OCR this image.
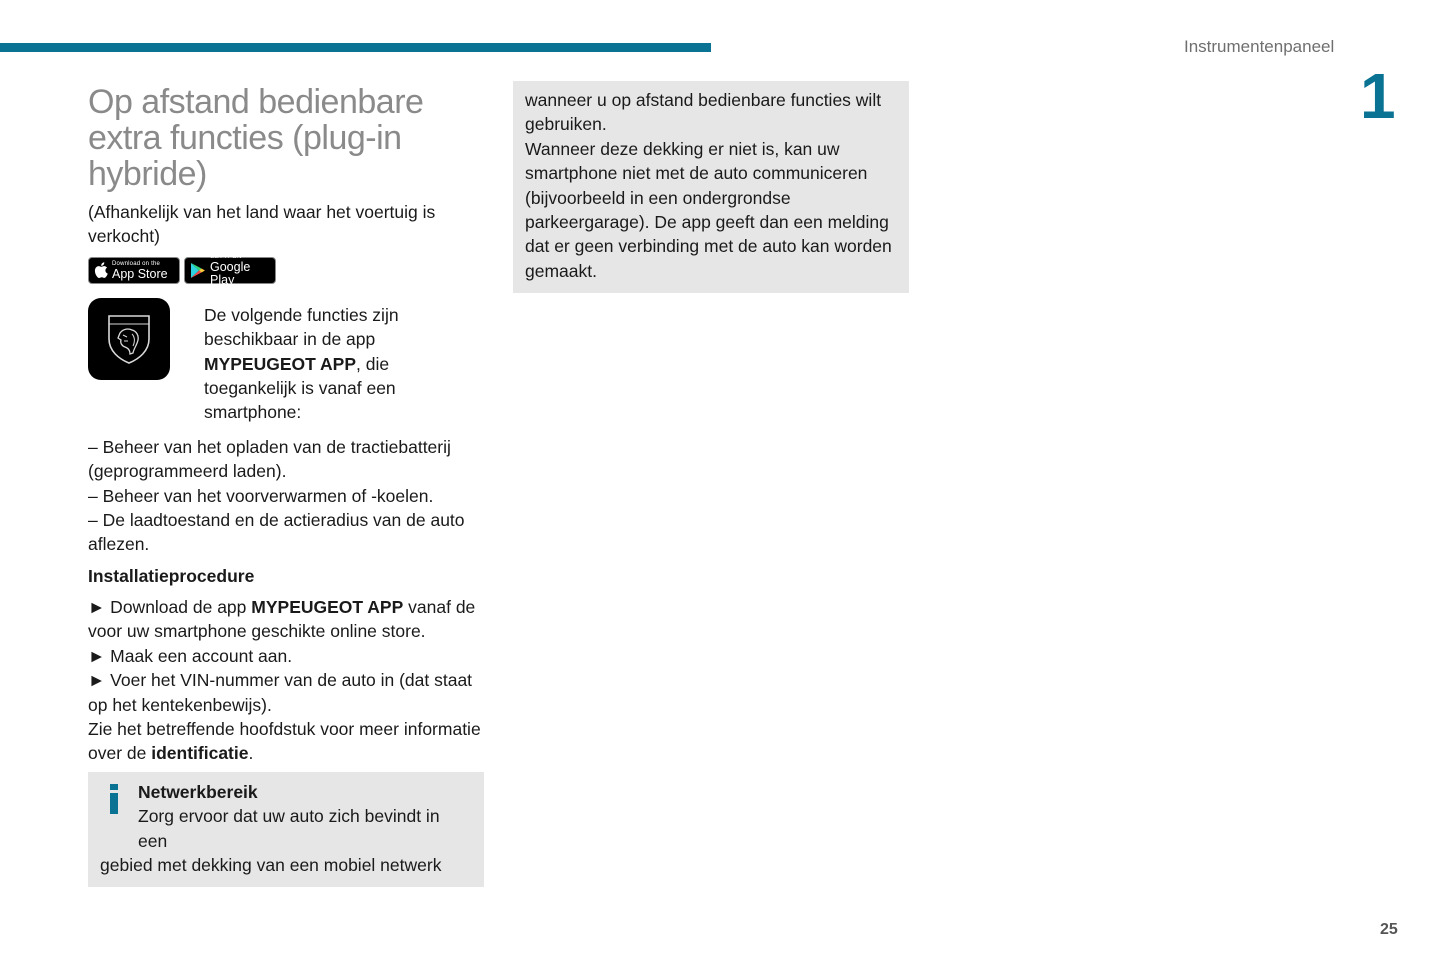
Instrumentenpaneel
1
Op afstand bedienbare
extra functies (plug-in
hybride)

(Afhankelijk van het land waar het voertuig is verkocht)

Download on the
App Store
GET IT ON
Google Play

De volgende functies zijn beschikbaar in de app MYPEUGEOT APP, die toegankelijk is vanaf een smartphone:

– Beheer van het opladen van de tractiebatterij (geprogrammeerd laden).

– Beheer van het voorverwarmen of -koelen.

– De laadtoestand en de actieradius van de auto aflezen.

Installatieprocedure

► Download de app MYPEUGEOT APP vanaf de voor uw smartphone geschikte online store.

► Maak een account aan.

► Voer het VIN-nummer van de auto in (dat staat op het kentekenbewijs).

Zie het betreffende hoofdstuk voor meer informatie over de identificatie.

Netwerkbereik

Zorg ervoor dat uw auto zich bevindt in een

gebied met dekking van een mobiel netwerk

wanneer u op afstand bedienbare functies wilt gebruiken.

Wanneer deze dekking er niet is, kan uw smartphone niet met de auto communiceren (bijvoorbeeld in een ondergrondse parkeergarage). De app geeft dan een melding dat er geen verbinding met de auto kan worden gemaakt.

25
